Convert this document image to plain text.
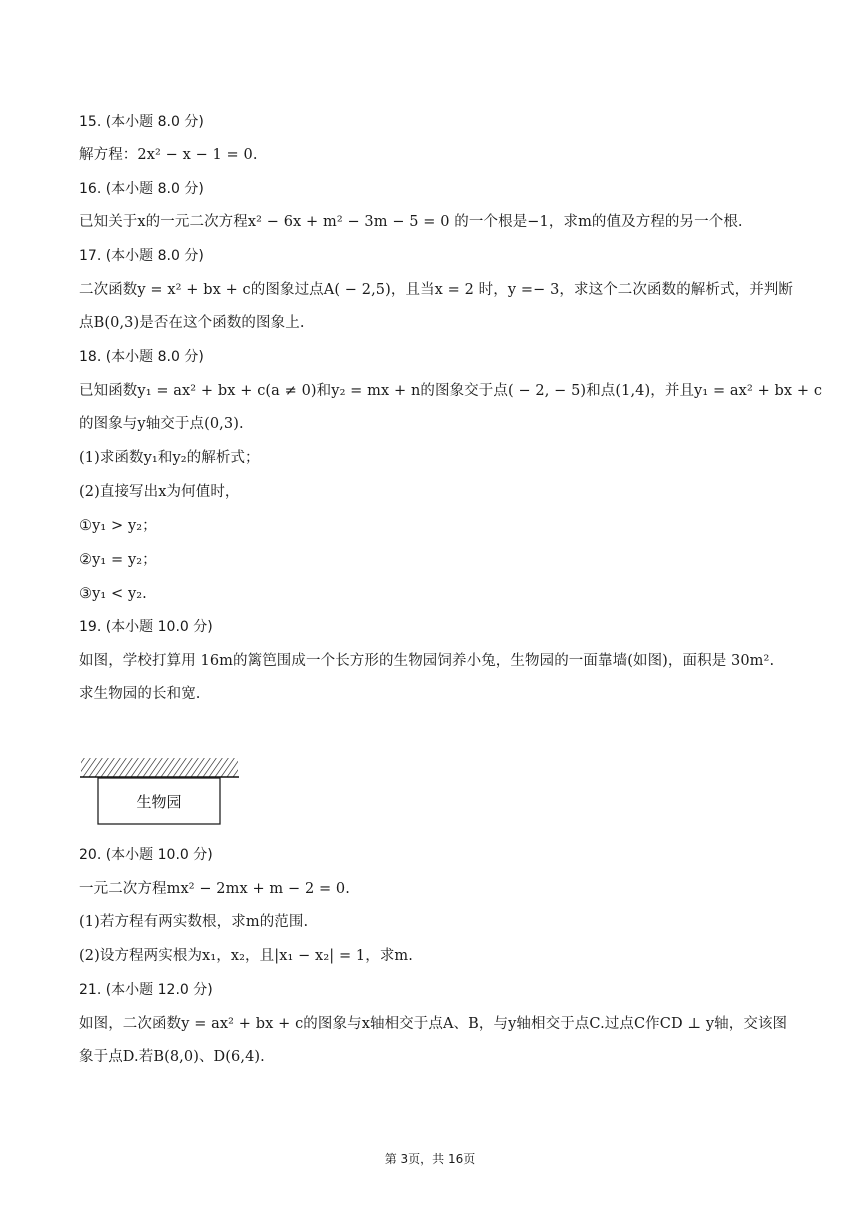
15. (本小题 8.0 分)
解方程：2x² − x − 1 = 0.
16. (本小题 8.0 分)
已知关于x的一元二次方程x² − 6x + m² − 3m − 5 = 0 的一个根是−1，求m的值及方程的另一个根.
17. (本小题 8.0 分)
二次函数y = x² + bx + c的图象过点A( − 2,5)，且当x = 2 时，y =− 3，求这个二次函数的解析式，并判断
点B(0,3)是否在这个函数的图象上.
18. (本小题 8.0 分)
已知函数y₁ = ax² + bx + c(a ≠ 0)和y₂ = mx + n的图象交于点( − 2, − 5)和点(1,4)，并且y₁ = ax² + bx + c
的图象与y轴交于点(0,3).
(1)求函数y₁和y₂的解析式；
(2)直接写出x为何值时，
①y₁ > y₂；
②y₁ = y₂；
③y₁ < y₂.
19. (本小题 10.0 分)
如图，学校打算用 16m的篱笆围成一个长方形的生物园饲养小兔，生物园的一面靠墙(如图)，面积是 30m².
求生物园的长和宽.
生物园
20. (本小题 10.0 分)
一元二次方程mx² − 2mx + m − 2 = 0.
(1)若方程有两实数根，求m的范围.
(2)设方程两实根为x₁，x₂，且|x₁ − x₂| = 1，求m.
21. (本小题 12.0 分)
如图，二次函数y = ax² + bx + c的图象与x轴相交于点A、B，与y轴相交于点C.过点C作CD ⊥ y轴，交该图
象于点D.若B(8,0)、D(6,4).
第 3页，共 16页
